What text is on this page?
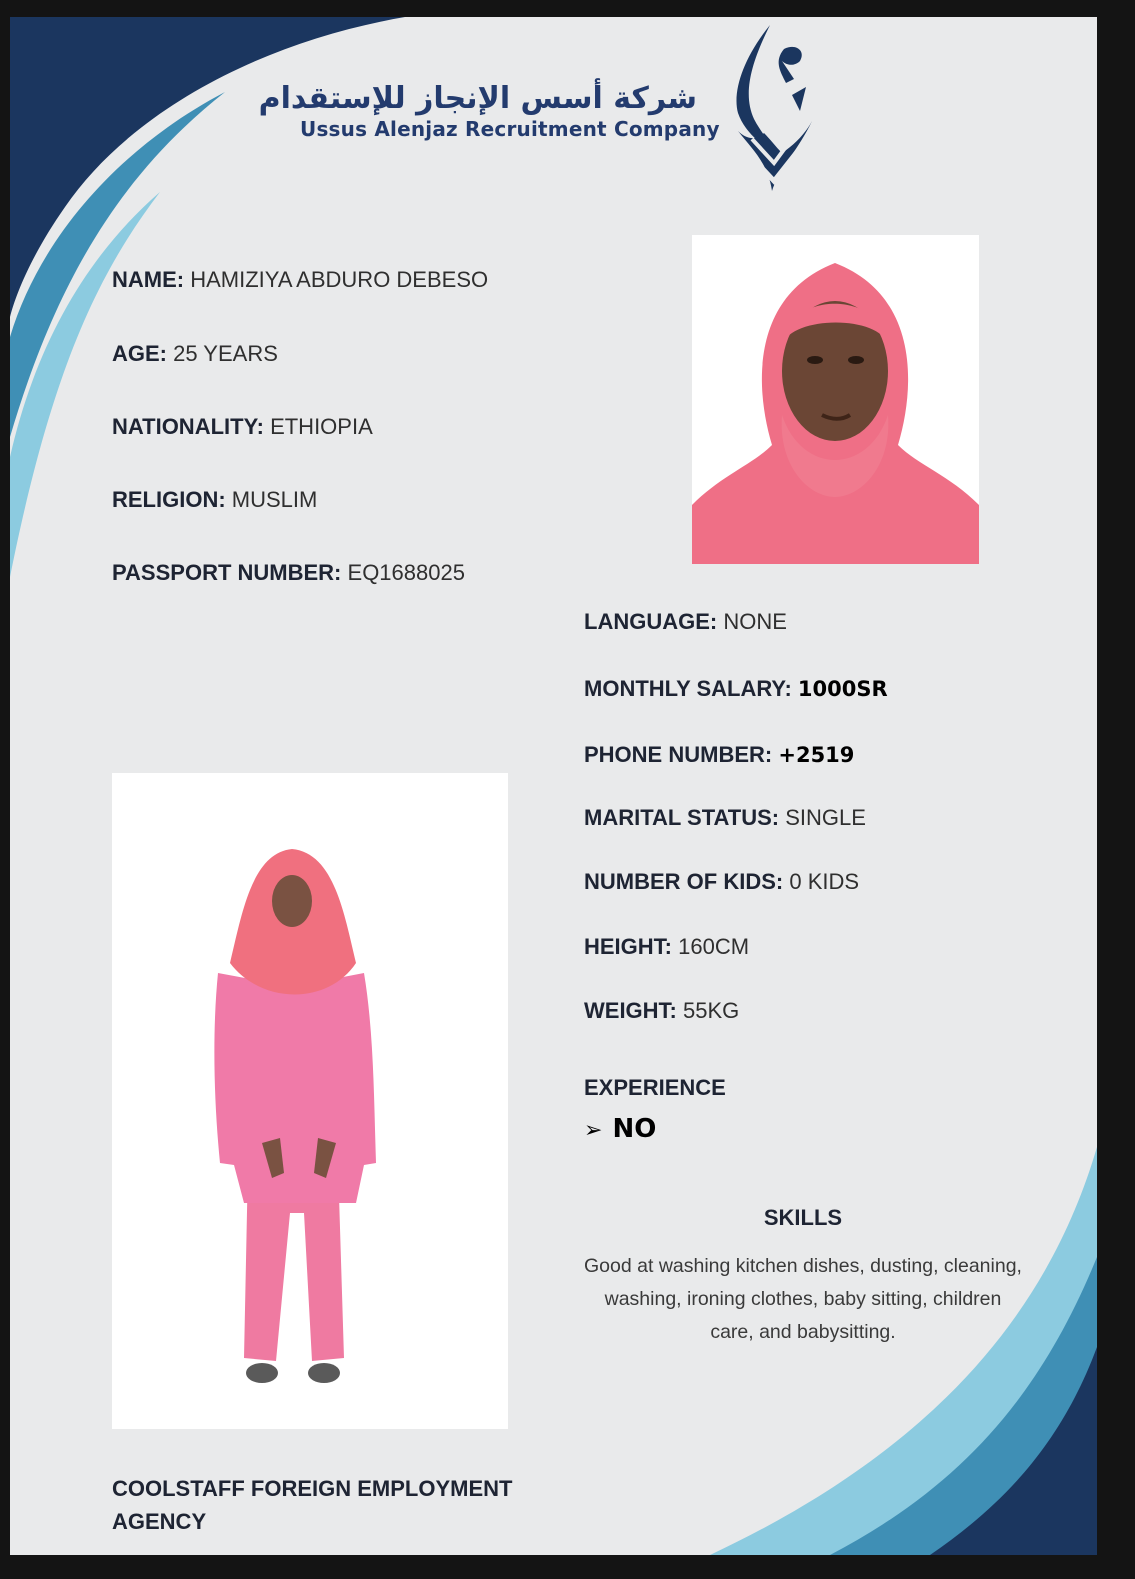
شركة أسس الإنجاز للإستقدام
Ussus Alenjaz Recruitment Company
NAME: HAMIZIYA ABDURO DEBESO
AGE: 25 YEARS
NATIONALITY: ETHIOPIA
RELIGION: MUSLIM
PASSPORT NUMBER: EQ1688025
LANGUAGE: NONE
MONTHLY SALARY: 1000SR
PHONE NUMBER: +2519
MARITAL STATUS: SINGLE
NUMBER OF KIDS: 0 KIDS
HEIGHT: 160CM
WEIGHT: 55KG
EXPERIENCE
➢ NO
SKILLS
Good at washing kitchen dishes, dusting, cleaning, washing, ironing clothes, baby sitting, children care, and babysitting.
COOLSTAFF FOREIGN EMPLOYMENT AGENCY
